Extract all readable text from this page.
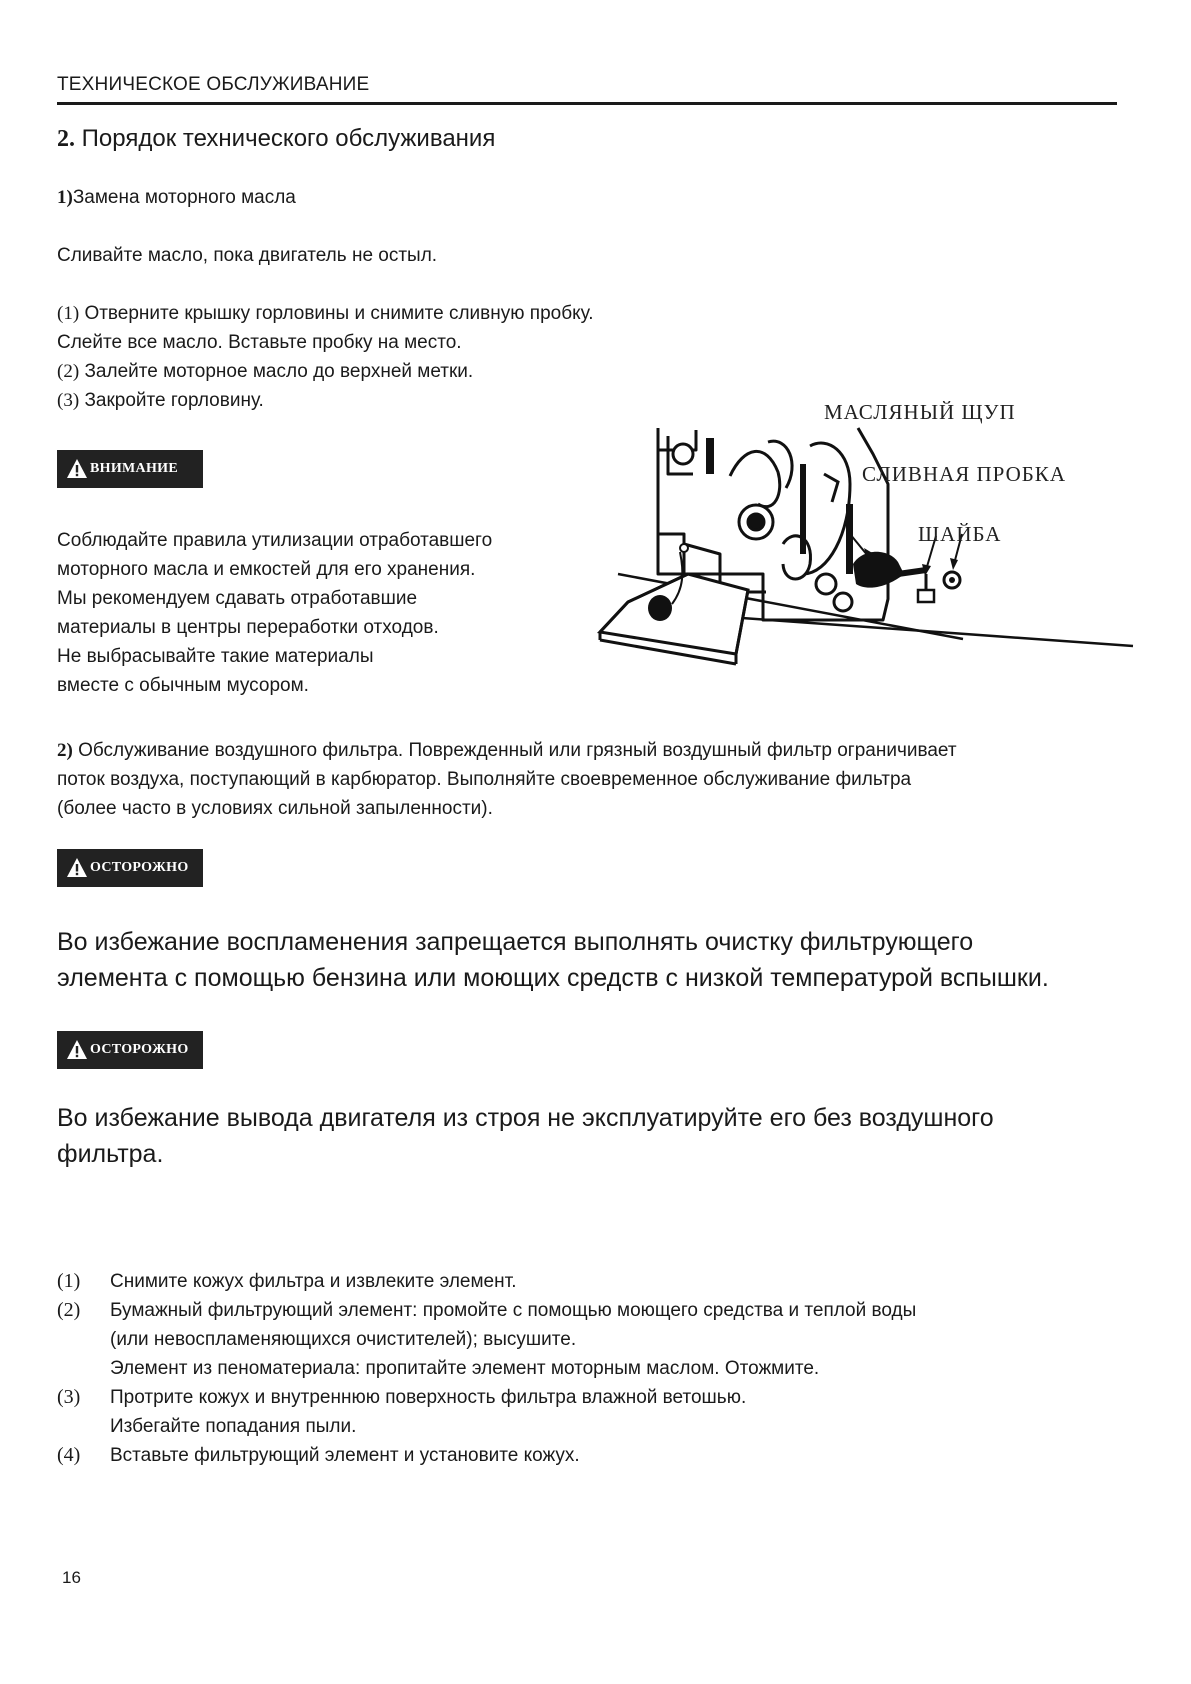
ТЕХНИЧЕСКОЕ ОБСЛУЖИВАНИЕ
2. Порядок технического обслуживания
1)Замена моторного масла
Сливайте масло, пока двигатель не остыл.
(1) Отверните крышку горловины и снимите сливную пробку.
Слейте все масло. Вставьте пробку на место.
(2) Залейте моторное масло до верхней метки.
(3) Закройте горловину.
ВНИМАНИЕ
Соблюдайте правила утилизации отработавшего
моторного масла и емкостей для его хранения.
Мы рекомендуем сдавать отработавшие
материалы в центры переработки отходов.
Не выбрасывайте такие материалы
вместе с обычным мусором.
МАСЛЯНЫЙ ЩУП
СЛИВНАЯ ПРОБКА
ШАЙБА
2) Обслуживание воздушного фильтра. Поврежденный или грязный воздушный фильтр ограничивает
поток воздуха, поступающий в карбюратор. Выполняйте своевременное обслуживание фильтра
(более часто в условиях сильной запыленности).
ОСТОРОЖНО
Во избежание воспламенения запрещается выполнять очистку фильтрующего
элемента с помощью бензина или моющих средств с низкой температурой вспышки.
ОСТОРОЖНО
Во избежание вывода двигателя из строя не эксплуатируйте его без воздушного
фильтра.
(1)	Снимите кожух фильтра и извлеките элемент.
(2)	Бумажный фильтрующий элемент: промойте с помощью моющего средства и теплой воды
(или невоспламеняющихся очистителей); высушите.
Элемент из пеноматериала: пропитайте элемент моторным маслом. Отожмите.
(3)	Протрите кожух и внутреннюю поверхность фильтра влажной ветошью.
Избегайте попадания пыли.
(4)	Вставьте фильтрующий элемент и установите кожух.
16
